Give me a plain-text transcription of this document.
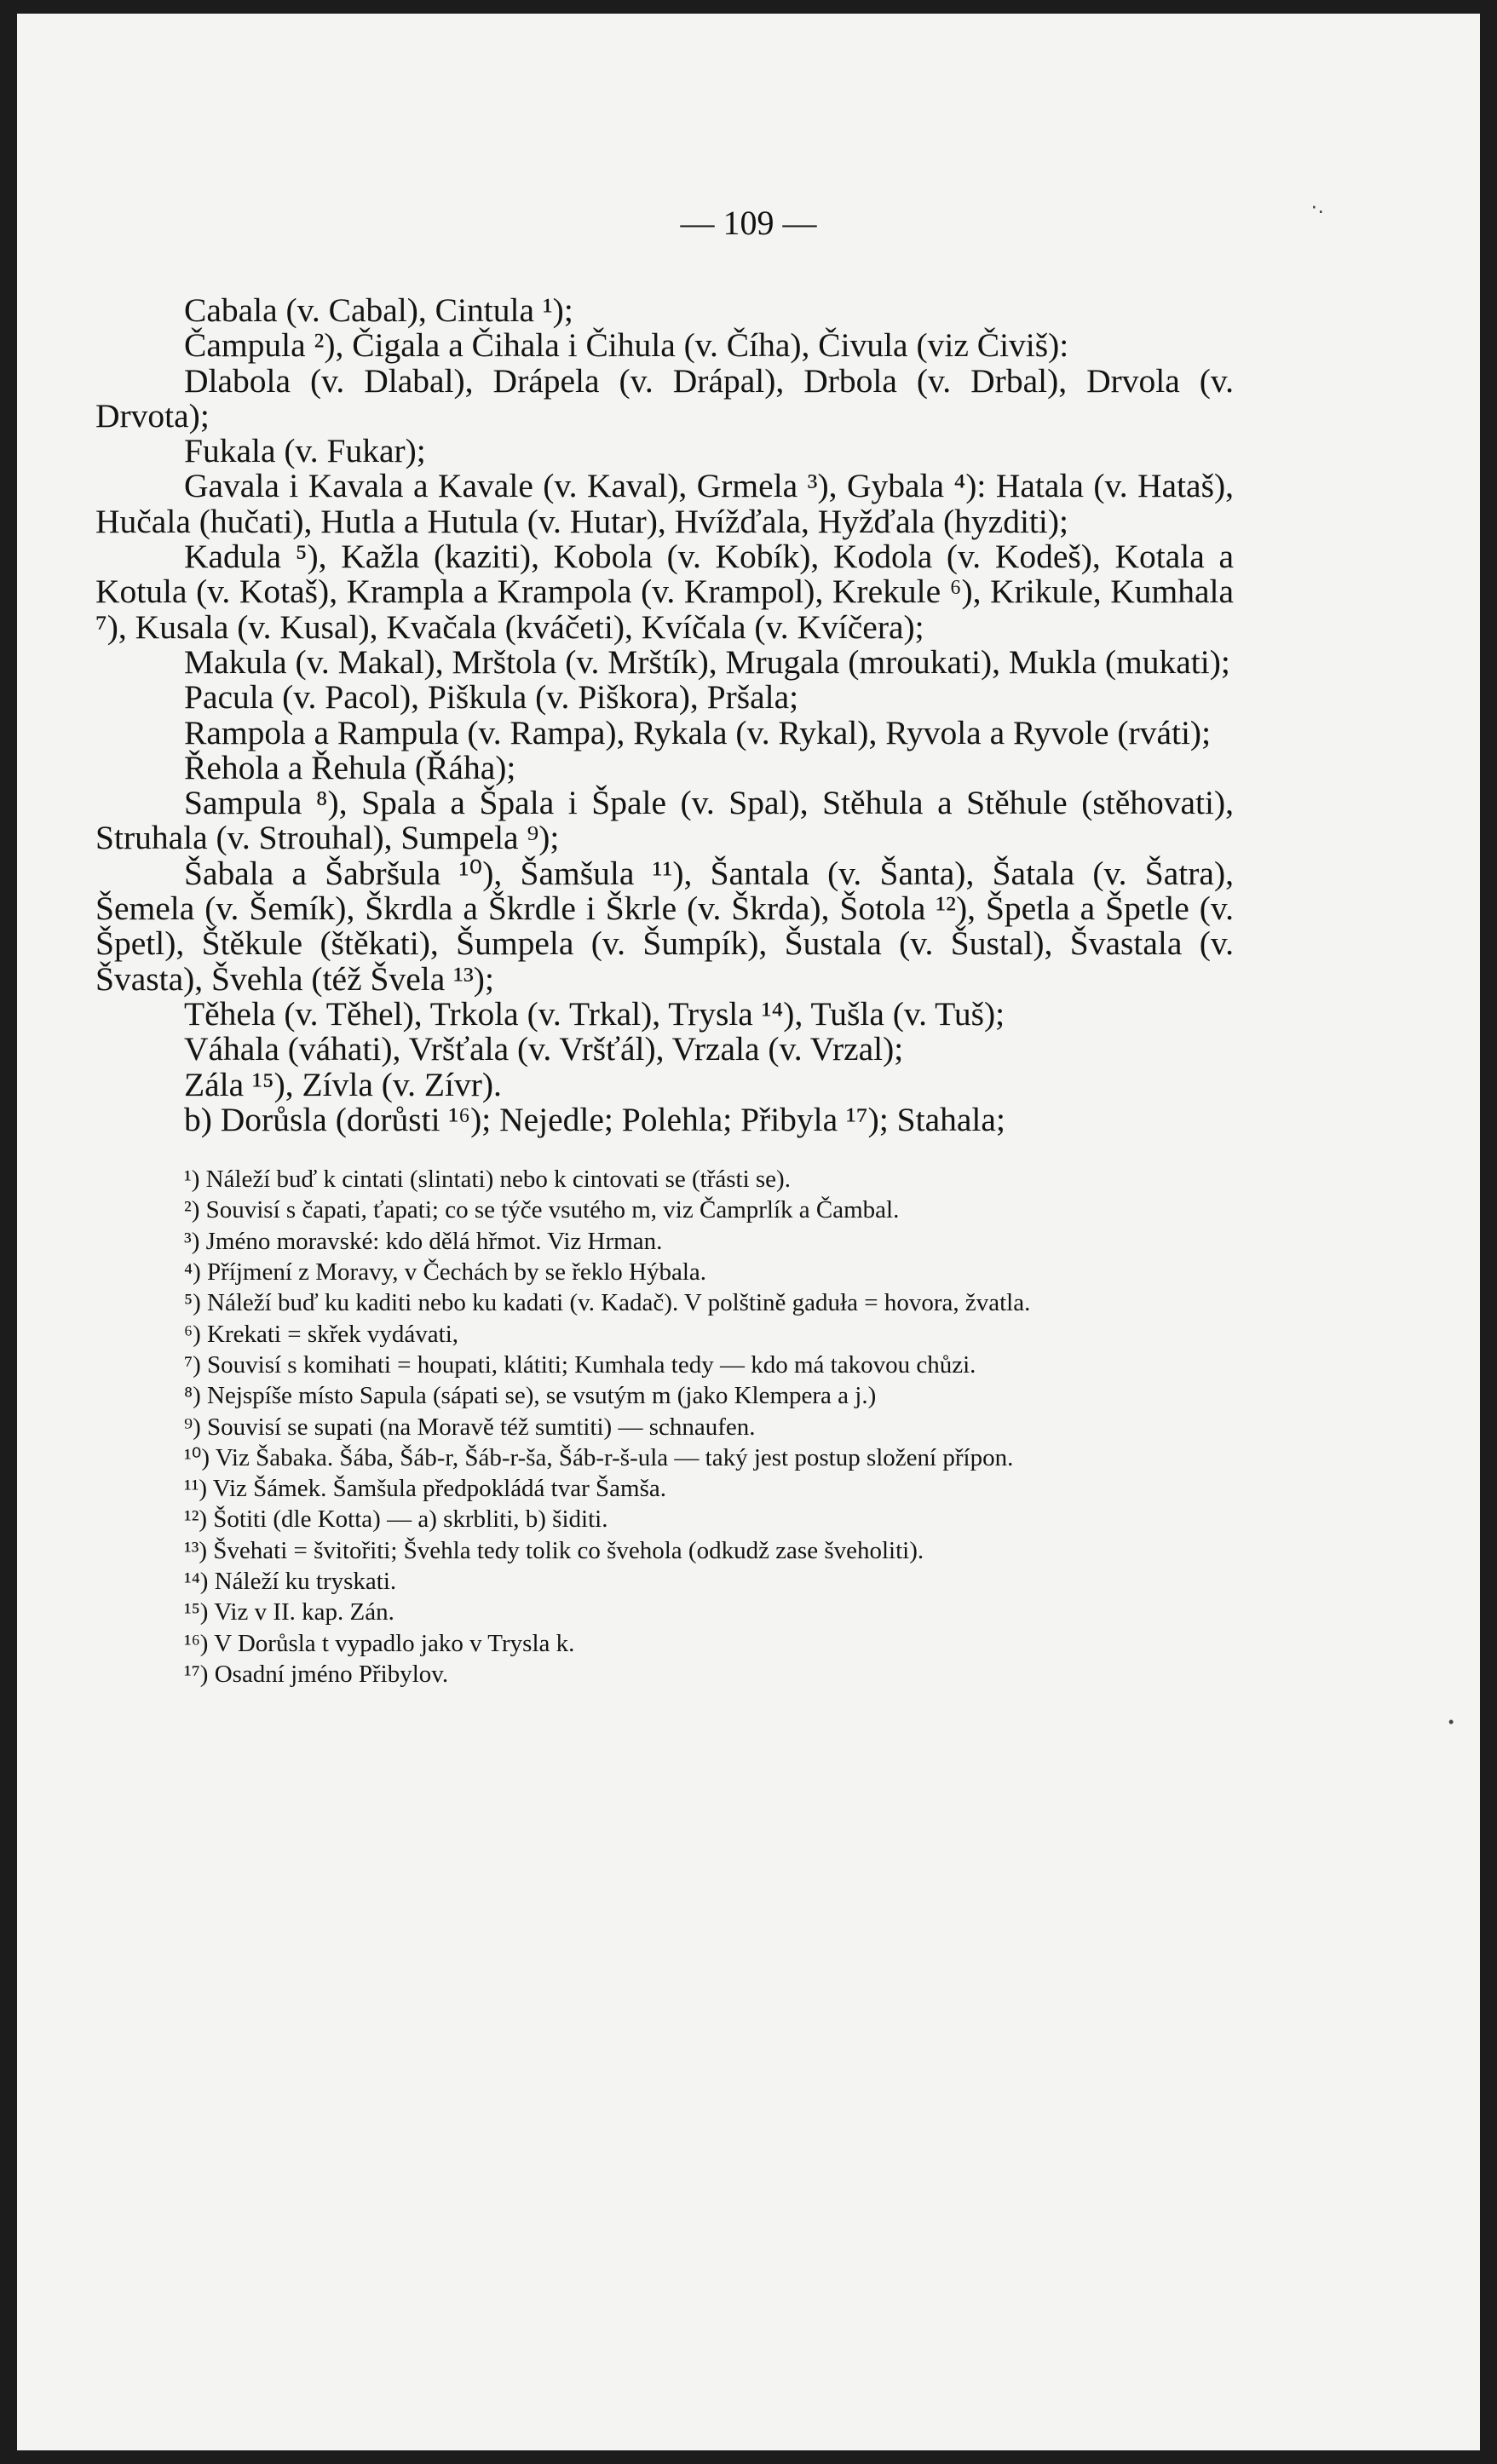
— 109 —	·.
•

Cabala (v. Cabal), Cintula ¹);

Čampula ²), Čigala a Čihala i Čihula (v. Číha), Čivula (viz Čiviš):

Dlabola (v. Dlabal), Drápela (v. Drápal), Drbola (v. Drbal), Drvola (v. Drvota);

Fukala (v. Fukar);

Gavala i Kavala a Kavale (v. Kaval), Grmela ³), Gybala ⁴): Hatala (v. Hataš), Hučala (hučati), Hutla a Hutula (v. Hutar), Hvížďala, Hyžďala (hyzditi);

Kadula ⁵), Kažla (kaziti), Kobola (v. Kobík), Kodola (v. Kodeš), Kotala a Kotula (v. Kotaš), Krampla a Krampola (v. Krampol), Krekule ⁶), Krikule, Kumhala ⁷), Kusala (v. Kusal), Kvačala (kváčeti), Kvíčala (v. Kvíčera);

Makula (v. Makal), Mrštola (v. Mrštík), Mrugala (mroukati), Mukla (mukati);

Pacula (v. Pacol), Piškula (v. Piškora), Pršala;

Rampola a Rampula (v. Rampa), Rykala (v. Rykal), Ryvola a Ryvole (rváti);

Řehola a Řehula (Řáha);

Sampula ⁸), Spala a Špala i Špale (v. Spal), Stěhula a Stěhule (stěhovati), Struhala (v. Strouhal), Sumpela ⁹);

Šabala a Šabršula ¹⁰), Šamšula ¹¹), Šantala (v. Šanta), Šatala (v. Šatra), Šemela (v. Šemík), Škrdla a Škrdle i Škrle (v. Škrda), Šotola ¹²), Špetla a Špetle (v. Špetl), Štěkule (štěkati), Šumpela (v. Šumpík), Šustala (v. Šustal), Švastala (v. Švasta), Švehla (též Švela ¹³);

Těhela (v. Těhel), Trkola (v. Trkal), Trysla ¹⁴), Tušla (v. Tuš);

Váhala (váhati), Vršťala (v. Vršťál), Vrzala (v. Vrzal);

Zála ¹⁵), Zívla (v. Zívr).

b) Dorůsla (dorůsti ¹⁶); Nejedle; Polehla; Přibyla ¹⁷); Stahala;

¹) Náleží buď k cintati (slintati) nebo k cintovati se (třásti se).

²) Souvisí s čapati, ťapati; co se týče vsutého m, viz Čamprlík a Čambal.

³) Jméno moravské: kdo dělá hřmot. Viz Hrman.

⁴) Příjmení z Moravy, v Čechách by se řeklo Hýbala.

⁵) Náleží buď ku kaditi nebo ku kadati (v. Kadač). V polštině gaduła = hovora, žvatla.

⁶) Krekati = skřek vydávati,

⁷) Souvisí s komihati = houpati, klátiti; Kumhala tedy — kdo má takovou chůzi.

⁸) Nejspíše místo Sapula (sápati se), se vsutým m (jako Klempera a j.)

⁹) Souvisí se supati (na Moravě též sumtiti) — schnaufen.

¹⁰) Viz Šabaka. Šába, Šáb-r, Šáb-r-ša, Šáb-r-š-ula — taký jest postup složení přípon.

¹¹) Viz Šámek. Šamšula předpokládá tvar Šamša.

¹²) Šotiti (dle Kotta) — a) skrbliti, b) šiditi.

¹³) Švehati = švitořiti; Švehla tedy tolik co švehola (odkudž zase šveholiti).

¹⁴) Náleží ku tryskati.

¹⁵) Viz v II. kap. Zán.

¹⁶) V Dorůsla t vypadlo jako v Trysla k.

¹⁷) Osadní jméno Přibylov.
